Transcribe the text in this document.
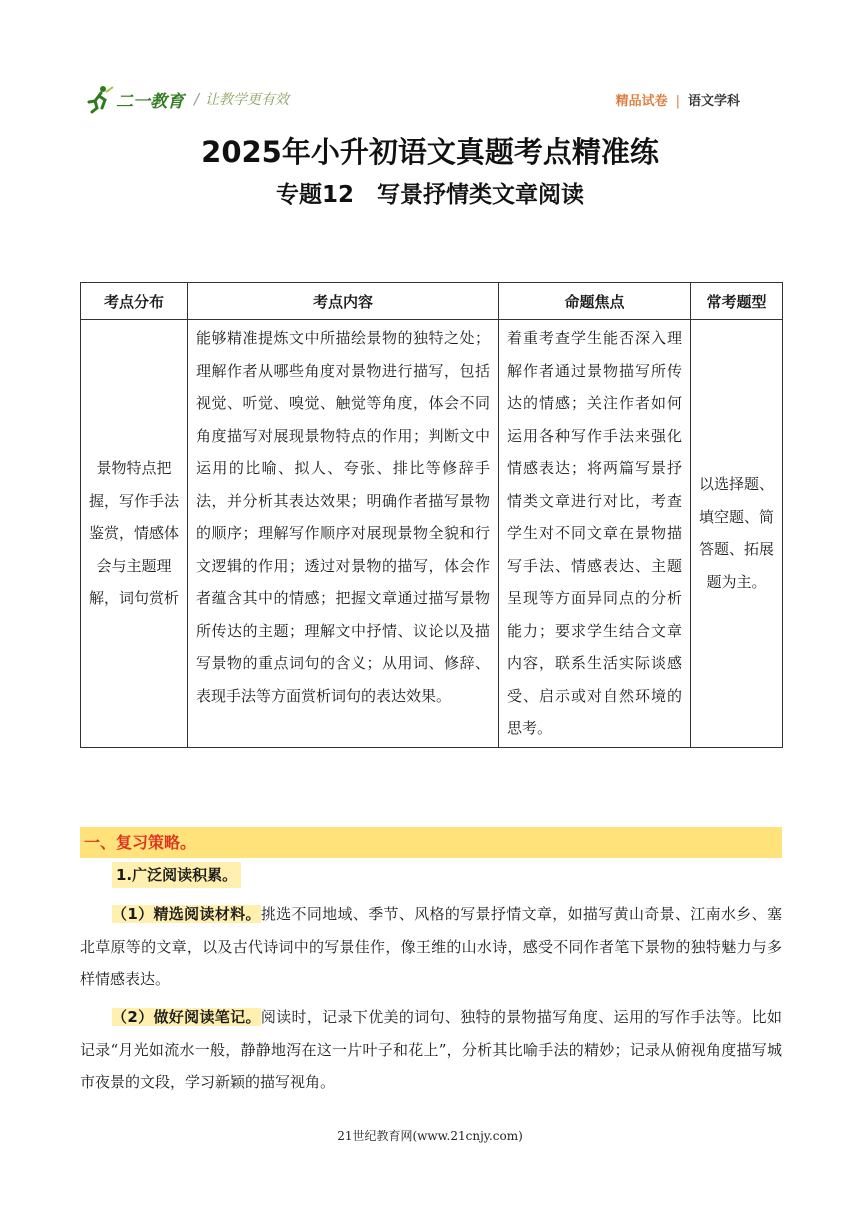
二一教育 / 让教学更有效	精品试卷 | 语文学科
2025年小升初语文真题考点精准练
专题12　写景抒情类文章阅读
考点分布	考点内容	命题焦点	常考题型
景物特点把握，写作手法鉴赏，情感体会与主题理解，词句赏析	能够精准提炼文中所描绘景物的独特之处；理解作者从哪些角度对景物进行描写，包括视觉、听觉、嗅觉、触觉等角度，体会不同角度描写对展现景物特点的作用；判断文中运用的比喻、拟人、夸张、排比等修辞手法，并分析其表达效果；明确作者描写景物的顺序；理解写作顺序对展现景物全貌和行文逻辑的作用；透过对景物的描写，体会作者蕴含其中的情感；把握文章通过描写景物所传达的主题；理解文中抒情、议论以及描写景物的重点词句的含义；从用词、修辞、表现手法等方面赏析词句的表达效果。	着重考查学生能否深入理解作者通过景物描写所传达的情感；关注作者如何运用各种写作手法来强化情感表达；将两篇写景抒情类文章进行对比，考查学生对不同文章在景物描写手法、情感表达、主题呈现等方面异同点的分析能力；要求学生结合文章内容，联系生活实际谈感受、启示或对自然环境的思考。	以选择题、填空题、简答题、拓展题为主。
一、复习策略。
1.广泛阅读积累。

（1）精选阅读材料。挑选不同地域、季节、风格的写景抒情文章，如描写黄山奇景、江南水乡、塞北草原等的文章，以及古代诗词中的写景佳作，像王维的山水诗，感受不同作者笔下景物的独特魅力与多样情感表达。

（2）做好阅读笔记。阅读时，记录下优美的词句、独特的景物描写角度、运用的写作手法等。比如记录“月光如流水一般，静静地泻在这一片叶子和花上”，分析其比喻手法的精妙；记录从俯视角度描写城市夜景的文段，学习新颖的描写视角。

21世纪教育网(www.21cnjy.com)
